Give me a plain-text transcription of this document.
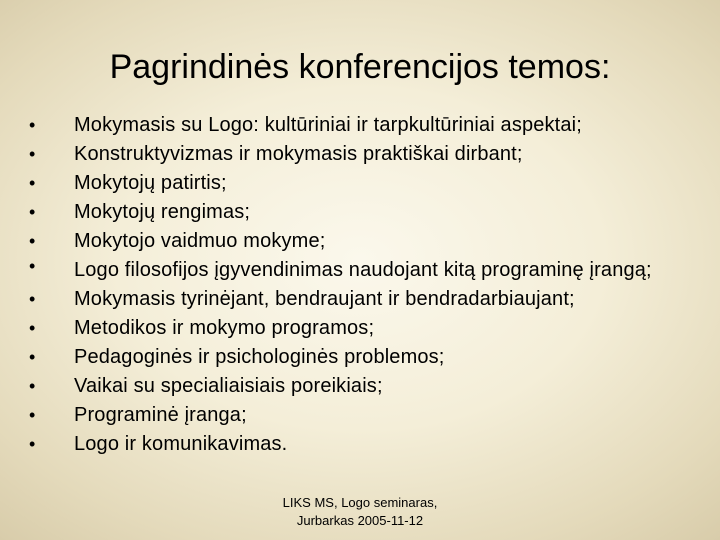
Pagrindinės konferencijos temos:
• Mokymasis su Logo: kultūriniai ir tarpkultūriniai aspektai;
• Konstruktyvizmas ir mokymasis praktiškai dirbant;
• Mokytojų patirtis;
• Mokytojų rengimas;
• Mokytojo vaidmuo mokyme;
• Logo filosofijos įgyvendinimas naudojant kitą programinę įrangą;
• Mokymasis tyrinėjant, bendraujant ir bendradarbiaujant;
• Metodikos ir mokymo programos;
• Pedagoginės ir psichologinės problemos;
• Vaikai su specialiaisiais poreikiais;
• Programinė įranga;
• Logo ir komunikavimas.
LIKS MS, Logo seminaras,
Jurbarkas 2005-11-12
